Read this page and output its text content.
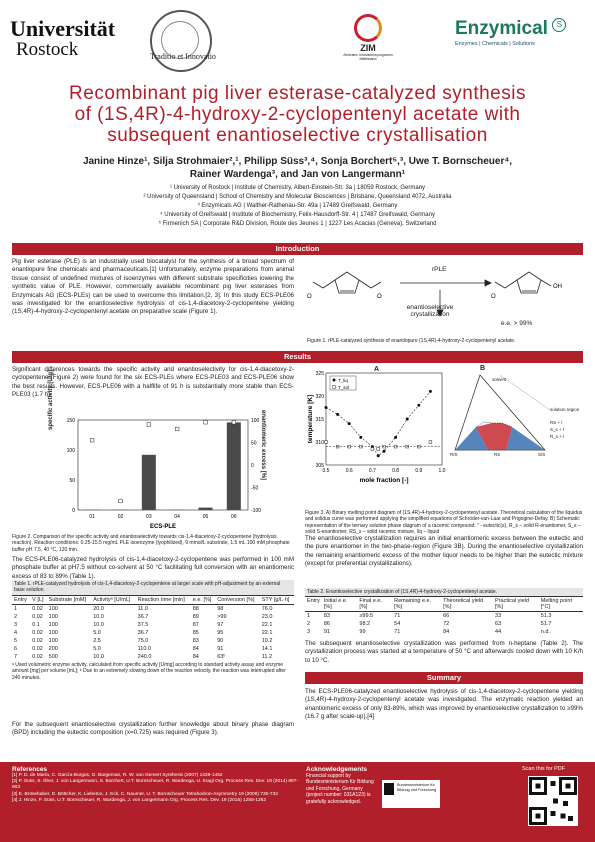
Universität
Rostock	Traditio et Innovatio
ZIM
Zentrales Innovationsprogramm Mittelstand
Enzymical S
Enzymes | Chemicals | Solutions
Recombinant pig liver esterase-catalyzed synthesis
of (1S,4R)-4-hydroxy-2-cyclopentenyl acetate with
subsequent enantioselective crystallisation
Janine Hinze¹, Silja Strohmaier²,¹, Philipp Süss³,⁴, Sonja Borchert⁵,³, Uwe T. Bornscheuer⁴,
Rainer Wardenga³, and Jan von Langermann¹
¹ University of Rostock | Institute of Chemistry, Albert-Einstein-Str. 3a | 18059 Rostock, Germany
² University of Queensland | School of Chemistry and Molecular Biosciences | Brisbane, Queensland 4072, Australia
³ Enzymicals AG | Walther-Rathenau-Str. 49a | 17489 Greifswald, Germany
⁴ University of Greifswald | Institute of Biochemistry, Felix-Hausdorff-Str. 4 | 17487 Greifswald, Germany
⁵ Firmenich SA | Corporate R&D Division, Route des Jeunes 1 | 1227 Les Acacias (Geneva), Switzerland
Introduction
Pig liver esterase (PLE) is an industrially used biocatalyst for the synthesis of a broad spectrum of enantiopure fine chemicals and pharmaceuticals.[1] Unfortunately, enzyme preparations from animal tissue consist of undefined mixtures of isoenzymes with different substrate specificities lowering the synthetic value of PLE. However, commercially available recombinant pig liver esterases from Enzymicals AG (ECS-PLEs) can be used to overcome this limitation.[2, 3]. In this study ECS-PLE06 was investigated for the enantioselective hydrolysis of cis-1,4-diacetoxy-2-cyclopentene yielding (1S,4R)-4-hydroxy-2-cyclopentenyl acetate on preparative scale (Figure 1).
O	O
OH
O
rPLE
enantioselective crystallization
e.e. > 99%
Figure 1. rPLE-catalyzed synthesis of enantiopure (1S,4R)-4-hydroxy-2-cyclopentenyl acetate.
Results
Significant differences towards the specific activity and enantioselectivity for cis-1,4-diacetoxy-2-cyclopentene (Figure 2) were found for the six ECS-PLEs where ECS-PLE03 and ECS-PLE06 show the best results. However, ECS-PLE06 with a halflife of 91 h is substantially more stable than ECS-PLE03 (1.7 h).
0
50
100
150
-100
-50
0
50
100
01	02	03	04	05	06
ECS-PLE
specific activity [U/g]
enantiomeric excess [%]
Figure 2. Comparison of the specific activity and enantioselectivity towards cis-1,4-diacetoxy-2-cyclopentene (hydrolysis reaction). Reaction conditions: 0.25-15.5 mg/mL PLE isoenzyme (lyophilized), 9 mmol/L substrate, 1.5 mL 100 mM phosphate buffer pH 7.5, 40 °C, 120 min.
The ECS-PLE06-catalyzed hydrolysis of cis-1,4-diacetoxy-2-cyclopentene was performed in 100 mM phosphate buffer at pH7.5 without co-solvent at 50 °C facilitating full conversion with an enantiomeric excess of 83 to 89% (Table 1).
Table 1. rPLE-catalyzed hydrolysis of cis-1,4-diacetoxy-2-cyclopentene at larger scale with pH-adjustment by an external base solution.
Entry	V [L]	Substrate [mM]	Activityᵃ [U/mL]	Reaction time [min]	e.e. [%]	Conversion [%]	STY [g/L·h]
1	0.02	100	20.0	11.0	88	98	76.0
2	0.02	100	10.0	36.7	89	>99	23.0
3	0.1	100	10.0	37.5	87	97	22.1
4	0.02	100	5.0	36.7	85	95	22.1
5	0.02	100	2.5	75.0	83	90	10.2
6	0.02	200	5.0	110.0	84	91	14.1
7	0.02	500	10.0	240.0	84	63ᵇ	11.2
ᵃ Used volumetric enzyme activity, calculated from specific activity [U/mg] according to standard activity assay and enzyme amount [mg] per volume [mL]; ᵇ Due to an extremely slowing down of the reaction velocity, the reaction was interrupted after 240 minutes.
For the subsequent enantioselective crystallization further knowledge about binary phase diagram (BPD) including the eutectic composition (x=0.725) was required (Figure 3).
305
310
315
320
325
0.5	0.6	0.7	0.8	0.9	1.0
T_liq
T_sol
mole fraction [-]
temperature [K]
A	B
solvent
solution region
RS + l
S_s + l
R_s + l
R/S	RS	S/S
Figure 3. A) Binary melting point diagram of (1S,4R)-4-hydroxy-2-cyclopentenyl acetate. Theoretical calculation of the liquidus and solidus curve was performed applying the simplified equations of Schröder-van-Laar and Prigogine-Defay. B) Schematic representation of the ternary solution phase diagram of a racemic compound: “ - eutectic(s), R_s – solid R-enantiomer, S_s – solid S-enantiomer, RS_s – solid racemic mixture, l/q – liquid
The enantioselective crystallization requires an initial enantiomeric excess between the eutectic and the pure enantiomer in the two-phase-region (Figure 3B). During the enantioselective crystallization the remaining enantiomeric excess of the mother liquor needs to be higher than the eutectic mixture (except for preferential crystallizations).
Table 2. Enantioselective crystallization of (1S,4R)-4-hydroxy-2-cyclopentenyl acetate.
Entry	Initial e.e. [%]	Final e.e. [%]	Remaining e.e. [%]	Theoretical yield [%]	Practical yield [%]	Melting point [°C]
1	83	≥99.5	71	66	33	51.3
2	86	98.2	54	72	63	51.7
3	91	99	71	84	44	n.d.
The subsequent enantioselective crystallization was performed from n-heptane (Table 2). The crystallization process was started at a temperature of 50 °C and afterwards cooled down with 10 K/h to 10 °C.
Summary
The ECS-PLE06-catalyzed enantioselective hydrolysis of cis-1,4-diacetoxy-2-cyclopentene yielding (1S,4R)-4-hydroxy-2-cyclopentenyl acetate was investigated. The enzymatic reaction yielded an enantiomeric excess of only 83-89%, which was improved by enantioselective crystallization to ≥99% (16.7 g after scale-up).[4]
References
[1] P. D. de María, C. García-Burgos, G. Bargeman, R. W. van Gemert Synthesis (2007) 1439-1452
[2] P. Süss, S. Illner, J. von Langermann, S. Borchert, U.T. Bornscheuer, R. Wardenga, U. Kragl Org. Process Res. Dev. 18 (2014) 897-903
[3] E. Brüsehaber, D. Böttcher, K. Liebeton, J. Eck, C. Naumer, U. T. Bornscheuer Tetrahedron-Asymmetry 19 (2008) 730-732
[4] J. Hinze, P. Süss, U.T. Bornscheuer, R. Wardenga, J. von Langermann Org. Process Res. Dev. 19 (2016) 1258-1262
Acknowledgements
Financial support by Bundesministerium für Bildung und Forschung, Germany (project number: 031A123) is gratefully acknowledged.
Bundesministerium für Bildung und Forschung
Scan this for PDF
